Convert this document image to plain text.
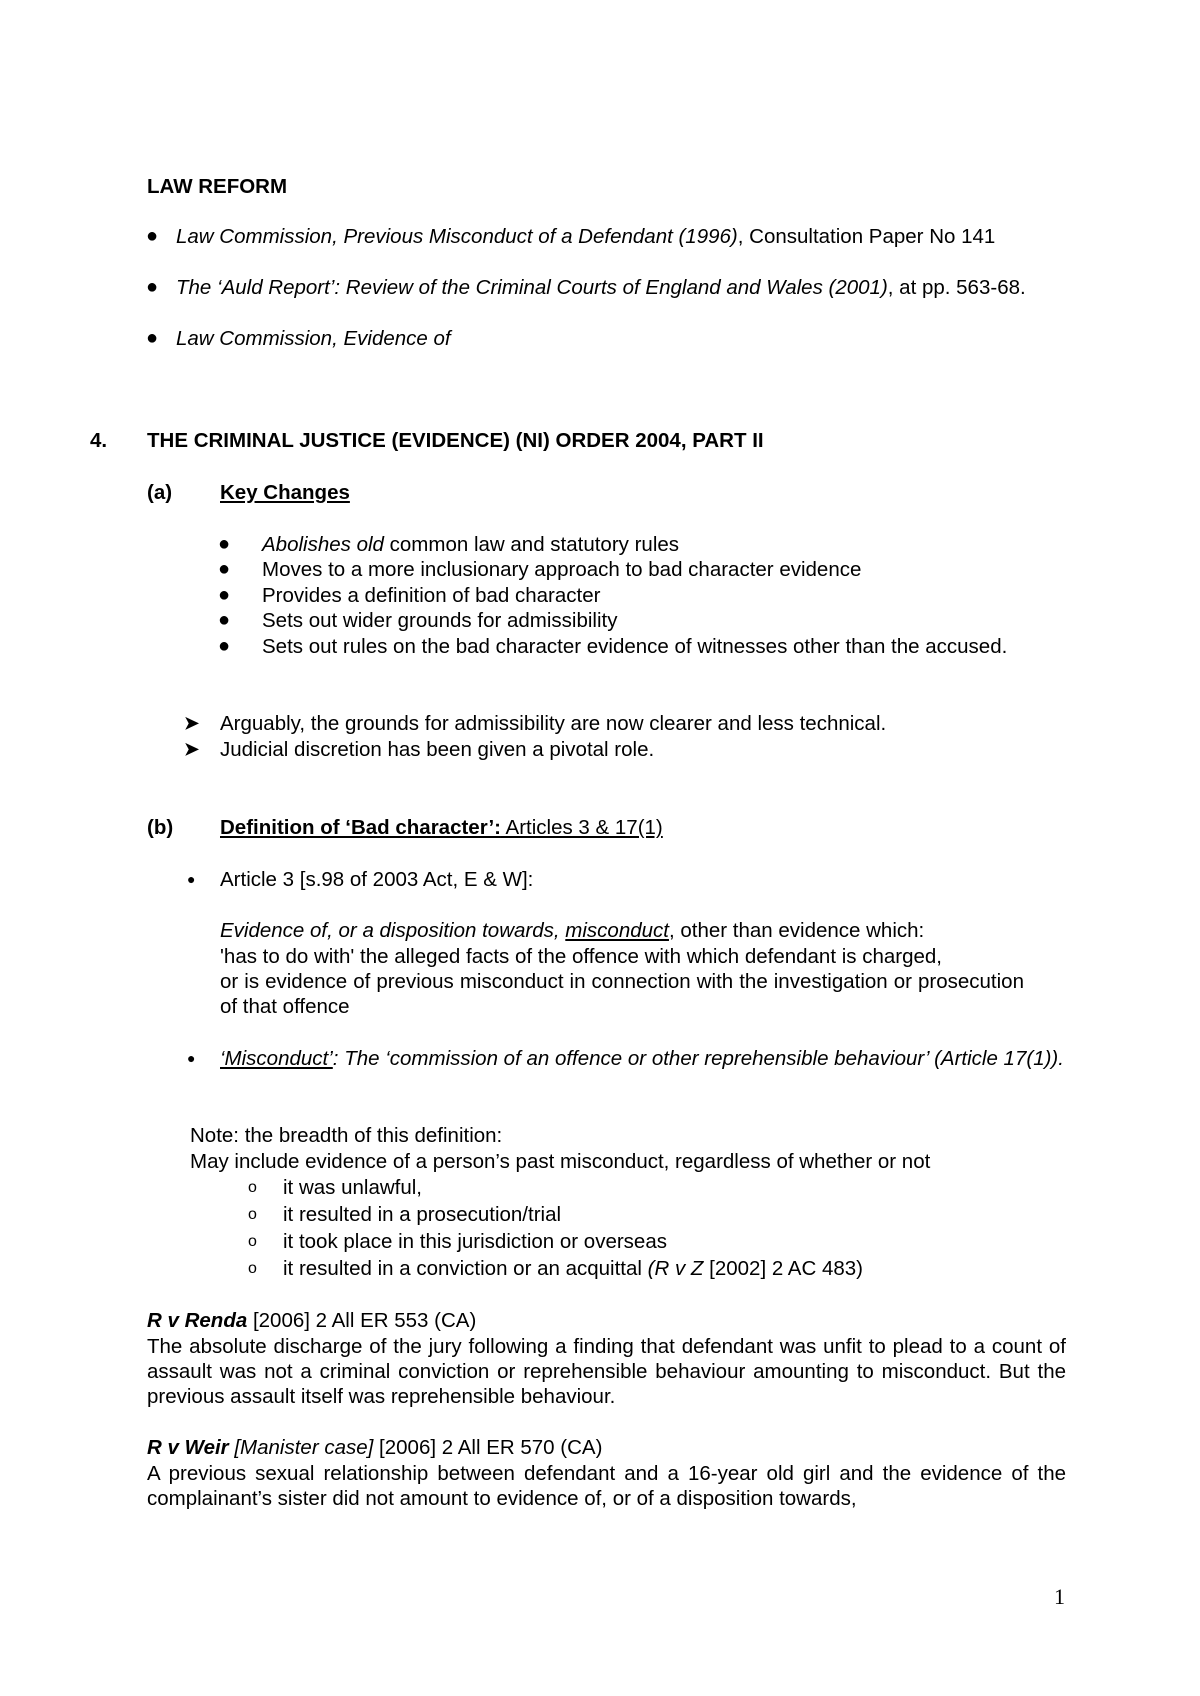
LAW REFORM
● Law Commission, Previous Misconduct of a Defendant (1996), Consultation Paper No 141
● The ‘Auld Report’: Review of the Criminal Courts of England and Wales (2001), at pp. 563-68.
● Law Commission, Evidence of
4. THE CRIMINAL JUSTICE (EVIDENCE) (NI) ORDER 2004, PART II
(a) Key Changes
● Abolishes old common law and statutory rules
● Moves to a more inclusionary approach to bad character evidence
● Provides a definition of bad character
● Sets out wider grounds for admissibility
● Sets out rules on the bad character evidence of witnesses other than the accused.
➤ Arguably, the grounds for admissibility are now clearer and less technical.
➤ Judicial discretion has been given a pivotal role.
(b) Definition of ‘Bad character’: Articles 3 & 17(1)
● Article 3 [s.98 of 2003 Act, E & W]:
Evidence of, or a disposition towards, misconduct, other than evidence which:
'has to do with' the alleged facts of the offence with which defendant is charged,
or is evidence of previous misconduct in connection with the investigation or prosecution of that offence
● ‘Misconduct’: The ‘commission of an offence or other reprehensible behaviour’ (Article 17(1)).
Note: the breadth of this definition:
May include evidence of a person’s past misconduct, regardless of whether or not
o it was unlawful,
o it resulted in a prosecution/trial
o it took place in this jurisdiction or overseas
o it resulted in a conviction or an acquittal (R v Z [2002] 2 AC 483)
R v Renda [2006] 2 All ER 553 (CA)
The absolute discharge of the jury following a finding that defendant was unfit to plead to a count of assault was not a criminal conviction or reprehensible behaviour amounting to misconduct. But the previous assault itself was reprehensible behaviour.
R v Weir [Manister case] [2006] 2 All ER 570 (CA)
A previous sexual relationship between defendant and a 16-year old girl and the evidence of the complainant’s sister did not amount to evidence of, or of a disposition towards,
1
